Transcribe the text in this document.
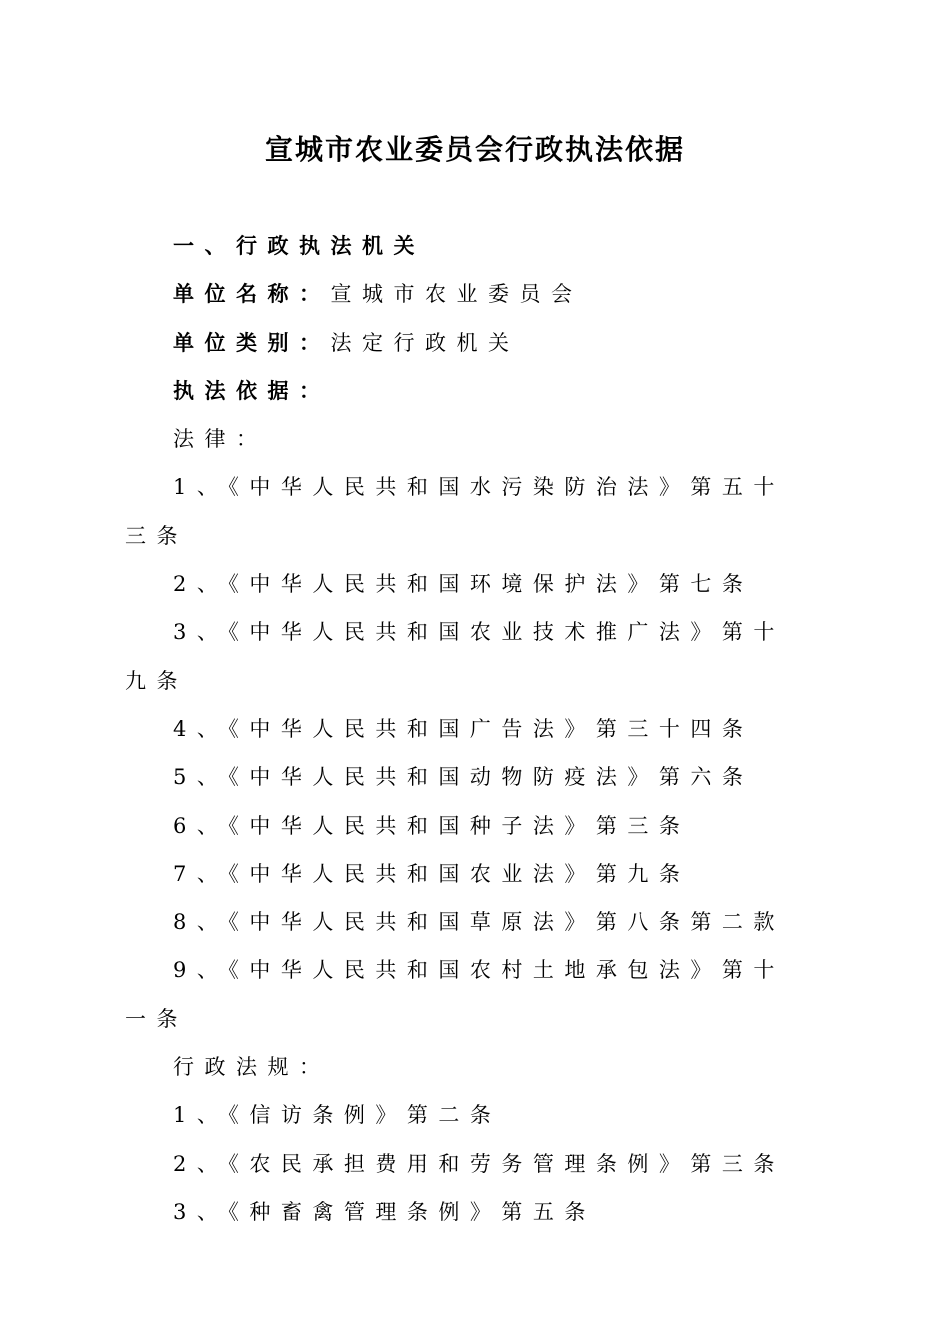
宣城市农业委员会行政执法依据
一、行政执法机关
单位名称：宣城市农业委员会
单位类别：法定行政机关
执法依据：
法律：
1、《中华人民共和国水污染防治法》第五十
三条
2、《中华人民共和国环境保护法》第七条
3、《中华人民共和国农业技术推广法》第十
九条
4、《中华人民共和国广告法》第三十四条
5、《中华人民共和国动物防疫法》第六条
6、《中华人民共和国种子法》第三条
7、《中华人民共和国农业法》第九条
8、《中华人民共和国草原法》第八条第二款
9、《中华人民共和国农村土地承包法》第十
一条
行政法规：
1、《信访条例》第二条
2、《农民承担费用和劳务管理条例》第三条
3、《种畜禽管理条例》第五条
